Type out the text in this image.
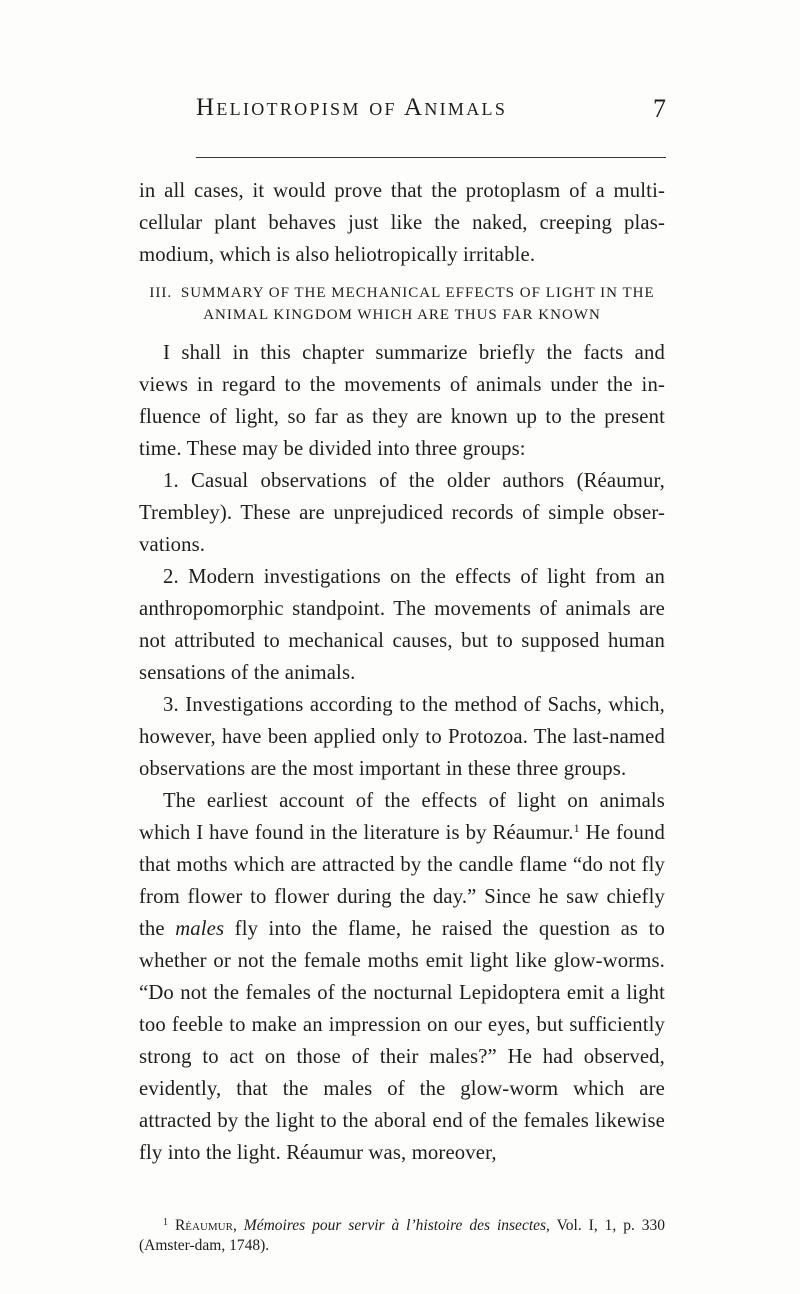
Heliotropism of Animals	7

in all cases, it would prove that the protoplasm of a multi-cellular plant behaves just like the naked, creeping plas-modium, which is also heliotropically irritable.

III. SUMMARY OF THE MECHANICAL EFFECTS OF LIGHT IN THE
ANIMAL KINGDOM WHICH ARE THUS FAR KNOWN

I shall in this chapter summarize briefly the facts and views in regard to the movements of animals under the in-fluence of light, so far as they are known up to the present time. These may be divided into three groups:

1. Casual observations of the older authors (Réaumur, Trembley). These are unprejudiced records of simple obser-vations.

2. Modern investigations on the effects of light from an anthropomorphic standpoint. The movements of animals are not attributed to mechanical causes, but to supposed human sensations of the animals.

3. Investigations according to the method of Sachs, which, however, have been applied only to Protozoa. The last-named observations are the most important in these three groups.

The earliest account of the effects of light on animals which I have found in the literature is by Réaumur.$^1$ He found that moths which are attracted by the candle flame “do not fly from flower to flower during the day.” Since he saw chiefly the males fly into the flame, he raised the question as to whether or not the female moths emit light like glow-worms. “Do not the females of the nocturnal Lepidoptera emit a light too feeble to make an impression on our eyes, but sufficiently strong to act on those of their males?” He had observed, evidently, that the males of the glow-worm which are attracted by the light to the aboral end of the females likewise fly into the light. Réaumur was, moreover,

$^1$ Réaumur, Mémoires pour servir à l’histoire des insectes, Vol. I, 1, p. 330 (Amster-dam, 1748).
